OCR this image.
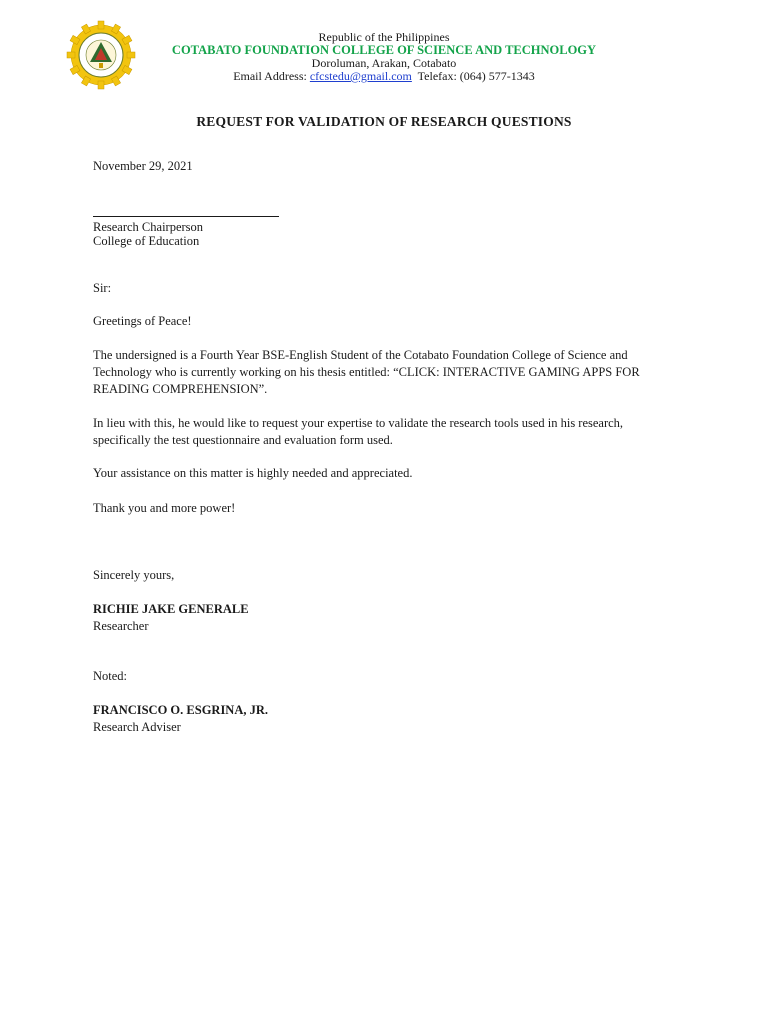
Republic of the Philippines
COTABATO FOUNDATION COLLEGE OF SCIENCE AND TECHNOLOGY
Doroluman, Arakan, Cotabato
Email Address: cfcstedu@gmail.com  Telefax: (064) 577-1343
REQUEST FOR VALIDATION OF RESEARCH QUESTIONS
November 29, 2021
Research Chairperson
College of Education
Sir:
Greetings of Peace!
The undersigned is a Fourth Year BSE-English Student of the Cotabato Foundation College of Science and Technology who is currently working on his thesis entitled: “CLICK: INTERACTIVE GAMING APPS FOR READING COMPREHENSION”.
In lieu with this, he would like to request your expertise to validate the research tools used in his research, specifically the test questionnaire and evaluation form used.
Your assistance on this matter is highly needed and appreciated.
Thank you and more power!
Sincerely yours,
RICHIE JAKE GENERALE
Researcher
Noted:
FRANCISCO O. ESGRINA, JR.
Research Adviser
